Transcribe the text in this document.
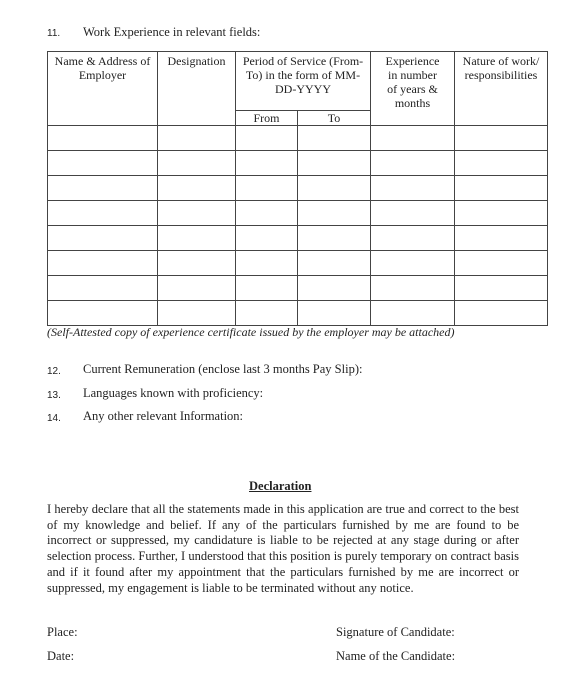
11. Work Experience in relevant fields:
Name & Address of Employer	Designation	Period of Service (From-To) in the form of MM-DD-YYYY		Experience in number of years & months	Nature of work/ responsibilities
		From	To		

(Self-Attested copy of experience certificate issued by the employer may be attached)
12. Current Remuneration (enclose last 3 months Pay Slip):
13. Languages known with proficiency:
14. Any other relevant Information:
Declaration
I hereby declare that all the statements made in this application are true and correct to the best of my knowledge and belief. If any of the particulars furnished by me are found to be incorrect or suppressed, my candidature is liable to be rejected at any stage during or after selection process. Further, I understood that this position is purely temporary on contract basis and if it found after my appointment that the particulars furnished by me are incorrect or suppressed, my engagement is liable to be terminated without any notice.
Place:
Date:
Signature of Candidate:
Name of the Candidate:
